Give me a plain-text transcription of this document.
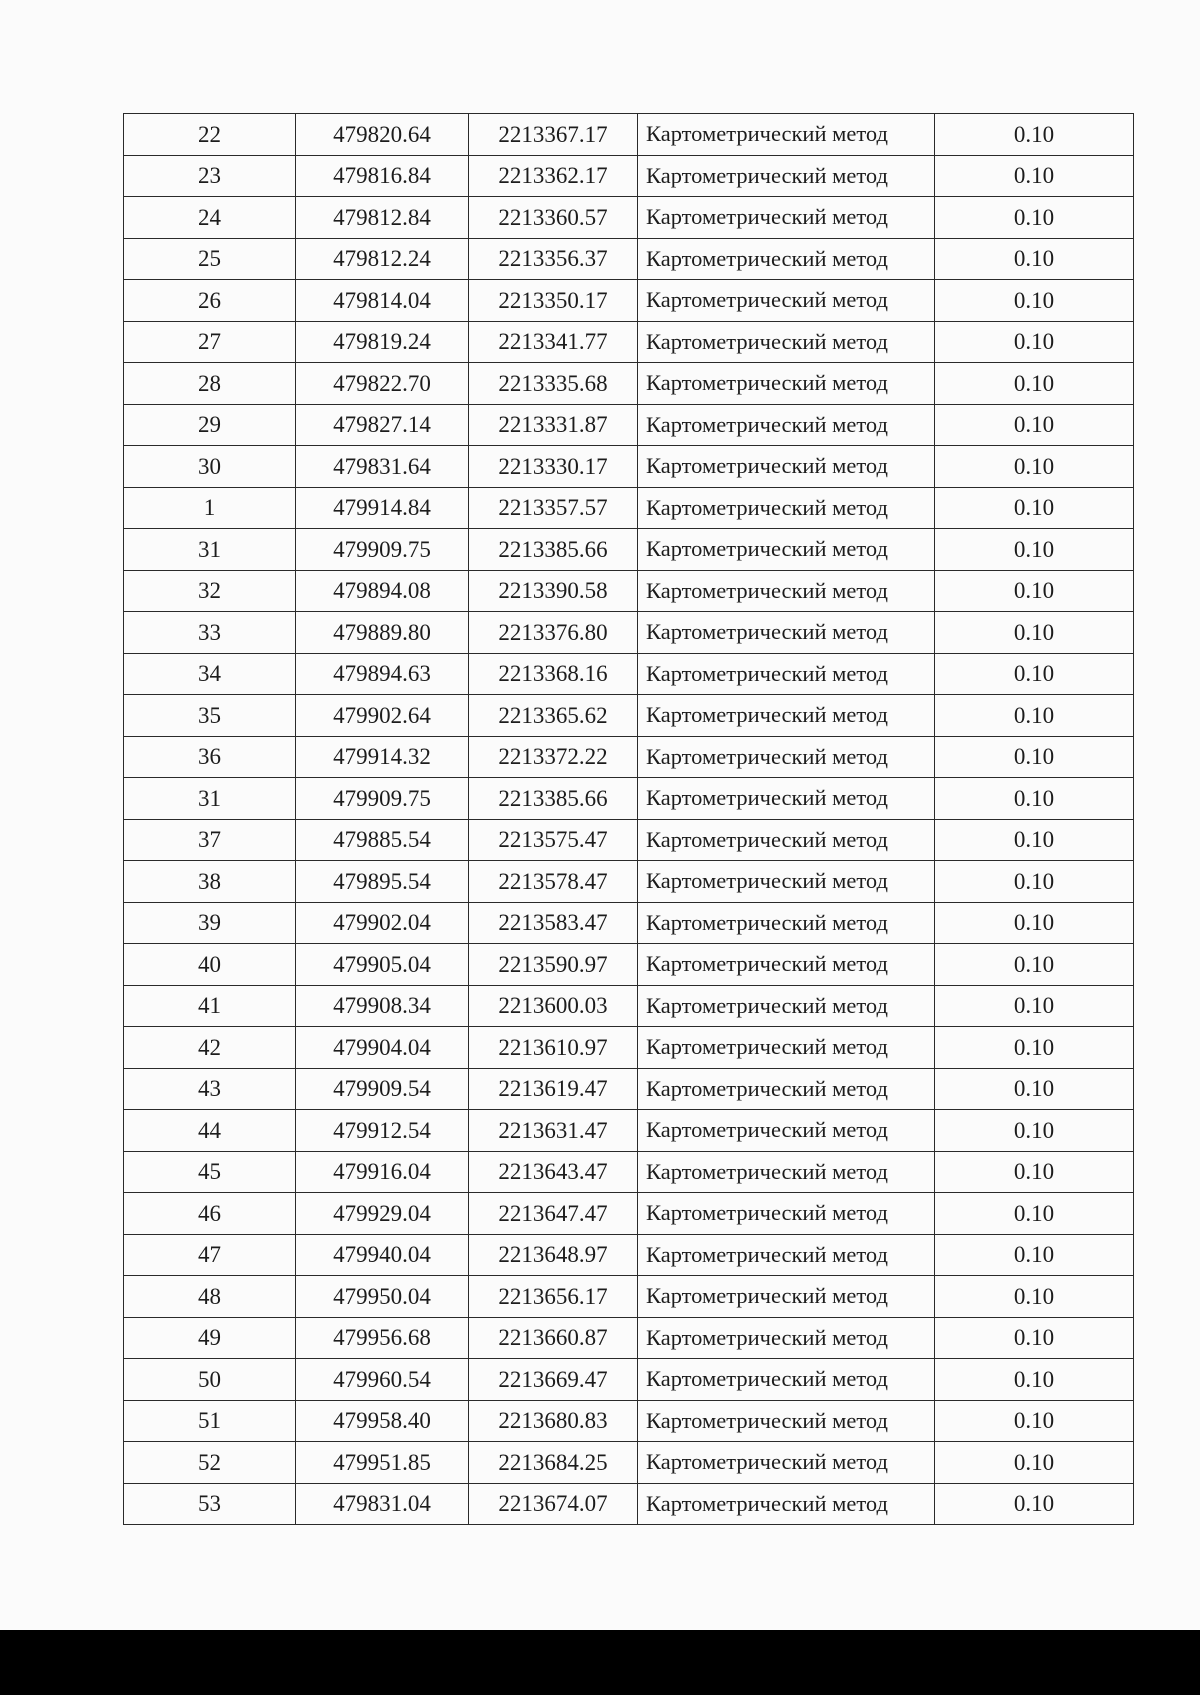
22	479820.64	2213367.17	Картометрический метод	0.10
23	479816.84	2213362.17	Картометрический метод	0.10
24	479812.84	2213360.57	Картометрический метод	0.10
25	479812.24	2213356.37	Картометрический метод	0.10
26	479814.04	2213350.17	Картометрический метод	0.10
27	479819.24	2213341.77	Картометрический метод	0.10
28	479822.70	2213335.68	Картометрический метод	0.10
29	479827.14	2213331.87	Картометрический метод	0.10
30	479831.64	2213330.17	Картометрический метод	0.10
1	479914.84	2213357.57	Картометрический метод	0.10
31	479909.75	2213385.66	Картометрический метод	0.10
32	479894.08	2213390.58	Картометрический метод	0.10
33	479889.80	2213376.80	Картометрический метод	0.10
34	479894.63	2213368.16	Картометрический метод	0.10
35	479902.64	2213365.62	Картометрический метод	0.10
36	479914.32	2213372.22	Картометрический метод	0.10
31	479909.75	2213385.66	Картометрический метод	0.10
37	479885.54	2213575.47	Картометрический метод	0.10
38	479895.54	2213578.47	Картометрический метод	0.10
39	479902.04	2213583.47	Картометрический метод	0.10
40	479905.04	2213590.97	Картометрический метод	0.10
41	479908.34	2213600.03	Картометрический метод	0.10
42	479904.04	2213610.97	Картометрический метод	0.10
43	479909.54	2213619.47	Картометрический метод	0.10
44	479912.54	2213631.47	Картометрический метод	0.10
45	479916.04	2213643.47	Картометрический метод	0.10
46	479929.04	2213647.47	Картометрический метод	0.10
47	479940.04	2213648.97	Картометрический метод	0.10
48	479950.04	2213656.17	Картометрический метод	0.10
49	479956.68	2213660.87	Картометрический метод	0.10
50	479960.54	2213669.47	Картометрический метод	0.10
51	479958.40	2213680.83	Картометрический метод	0.10
52	479951.85	2213684.25	Картометрический метод	0.10
53	479831.04	2213674.07	Картометрический метод	0.10
